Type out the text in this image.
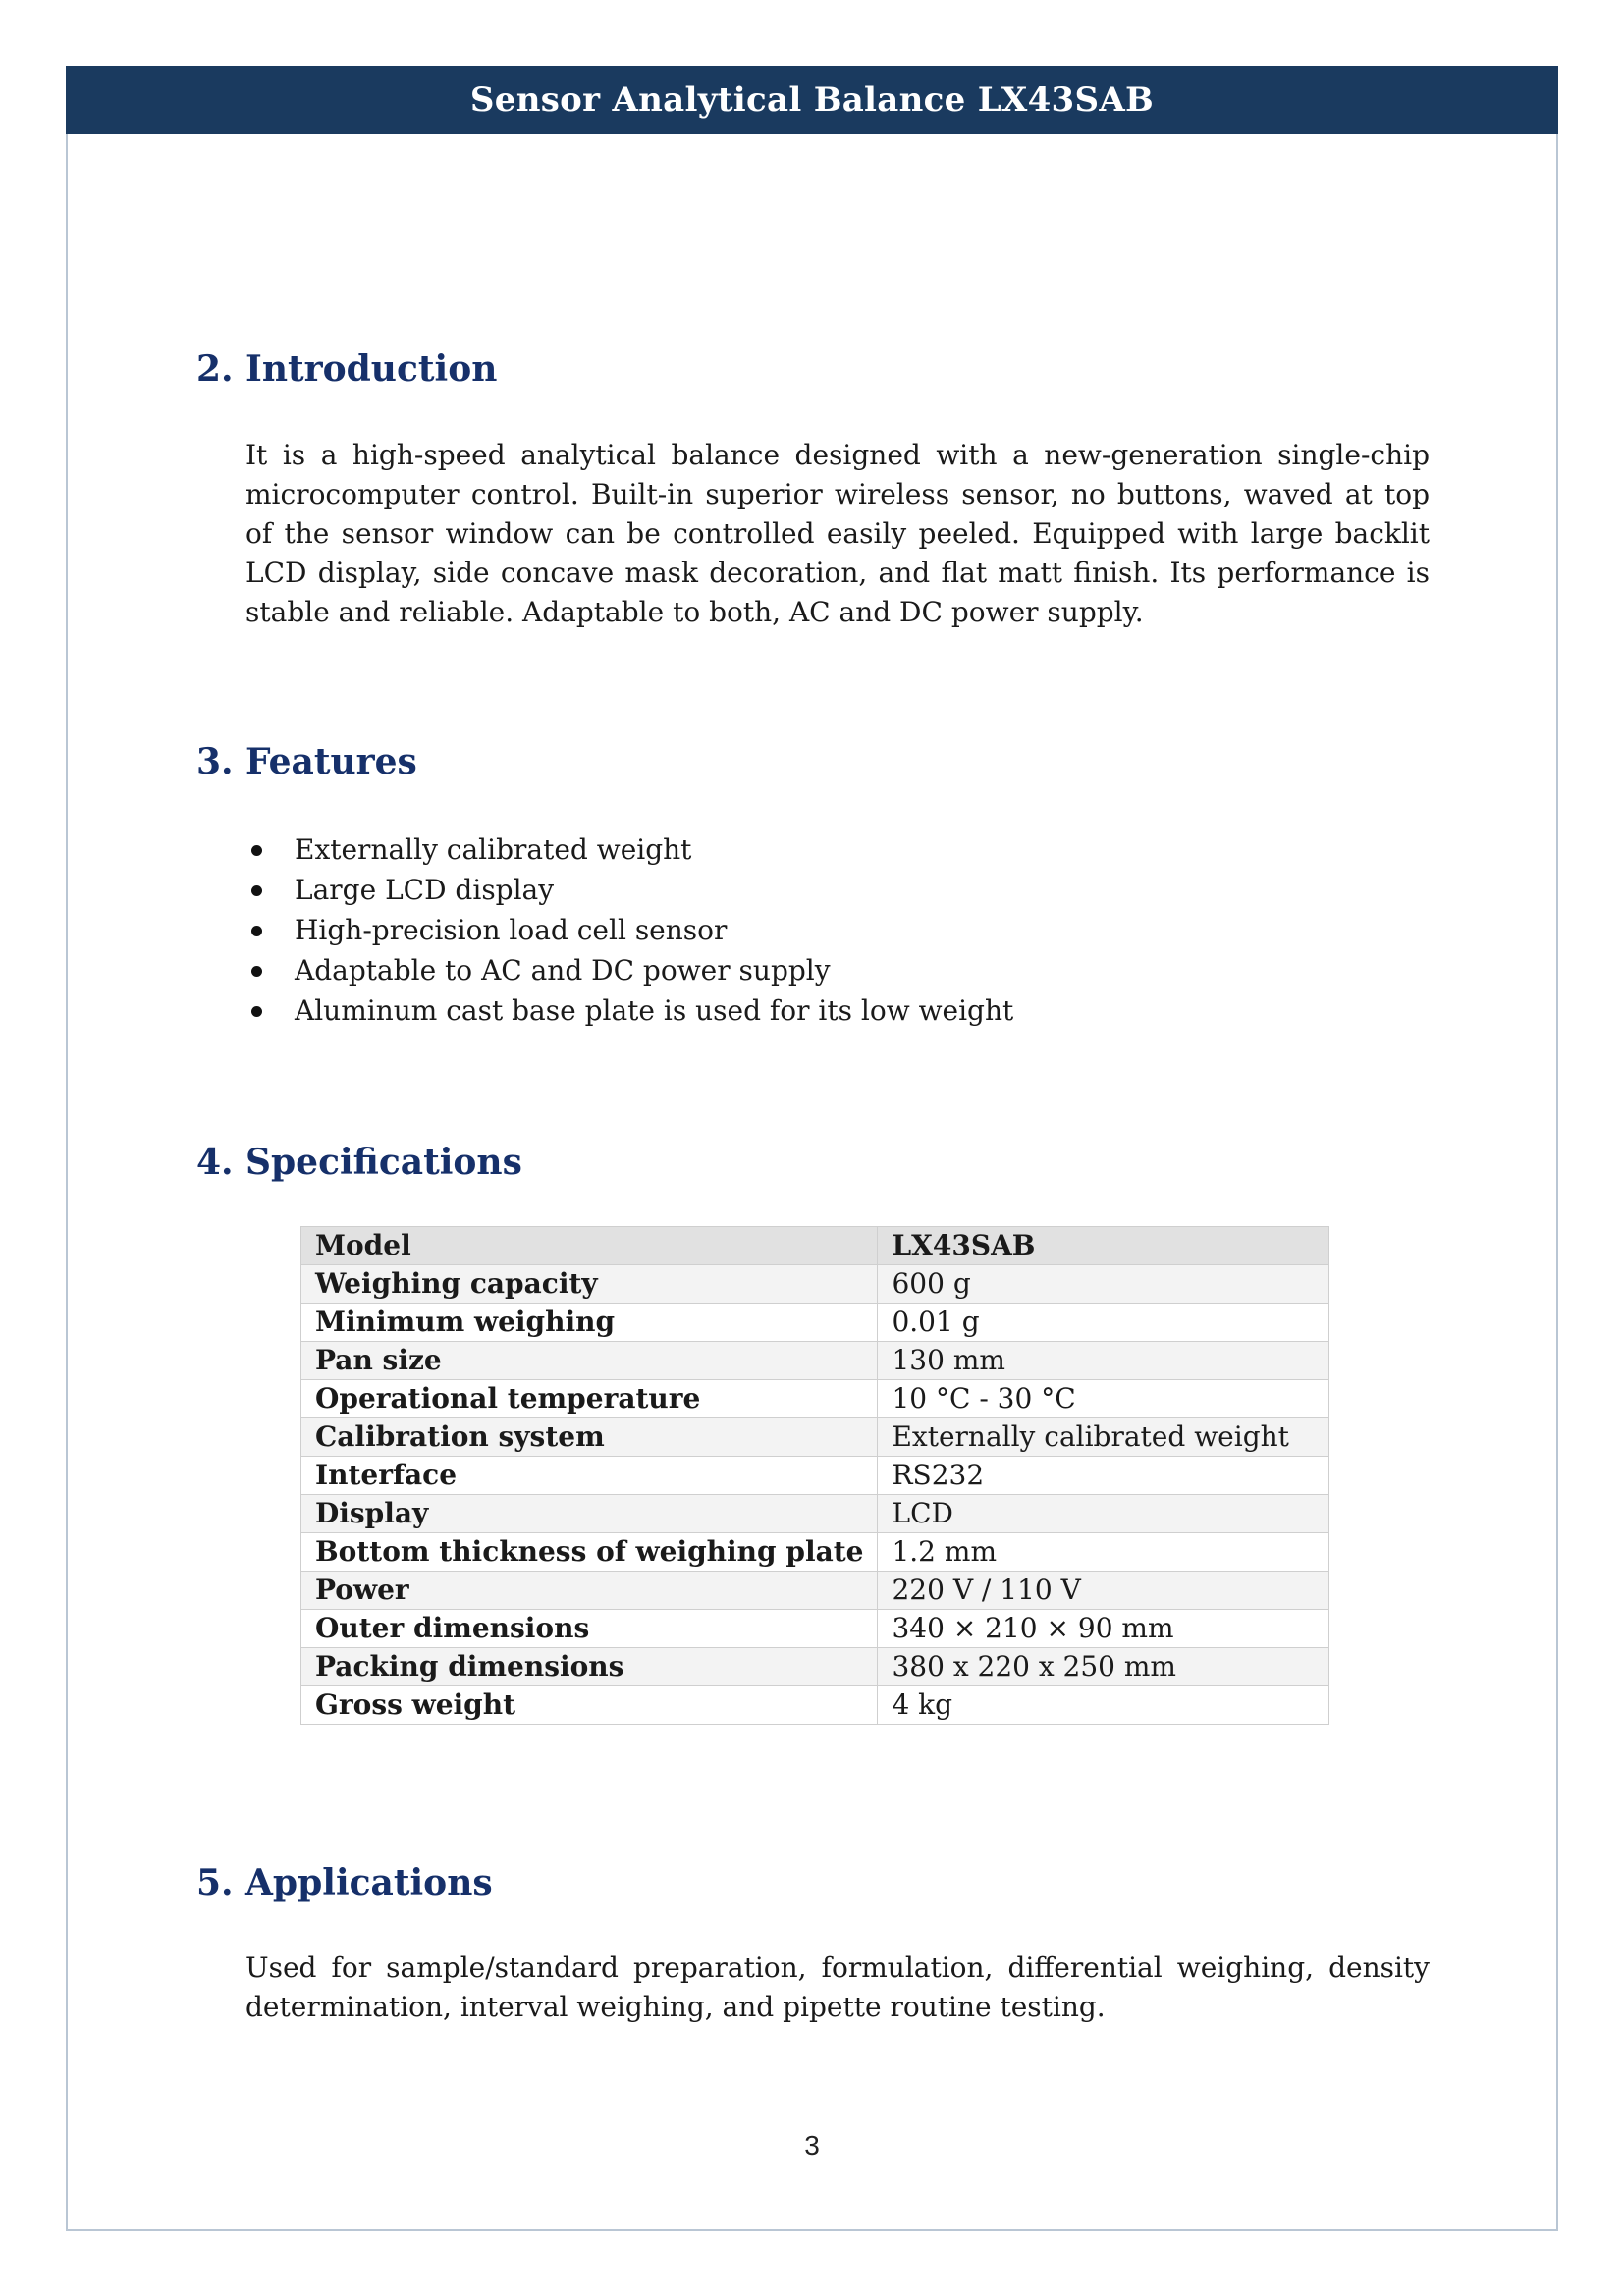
Sensor Analytical Balance LX43SAB
2. Introduction

It is a high-speed analytical balance designed with a new-generation single-chip microcomputer control. Built-in superior wireless sensor, no buttons, waved at top of the sensor window can be controlled easily peeled. Equipped with large backlit LCD display, side concave mask decoration, and flat matt finish. Its performance is stable and reliable. Adaptable to both, AC and DC power supply.

3. Features
Externally calibrated weight
Large LCD display
High-precision load cell sensor
Adaptable to AC and DC power supply
Aluminum cast base plate is used for its low weight
4. Specifications
Model	LX43SAB
Weighing capacity	600 g
Minimum weighing	0.01 g
Pan size	130 mm
Operational temperature	10 °C - 30 °C
Calibration system	Externally calibrated weight
Interface	RS232
Display	LCD
Bottom thickness of weighing plate	1.2 mm
Power	220 V / 110 V
Outer dimensions	340 × 210 × 90 mm
Packing dimensions	380 x 220 x 250 mm
Gross weight	4 kg
5. Applications

Used for sample/standard preparation, formulation, differential weighing, density determination, interval weighing, and pipette routine testing.

3
